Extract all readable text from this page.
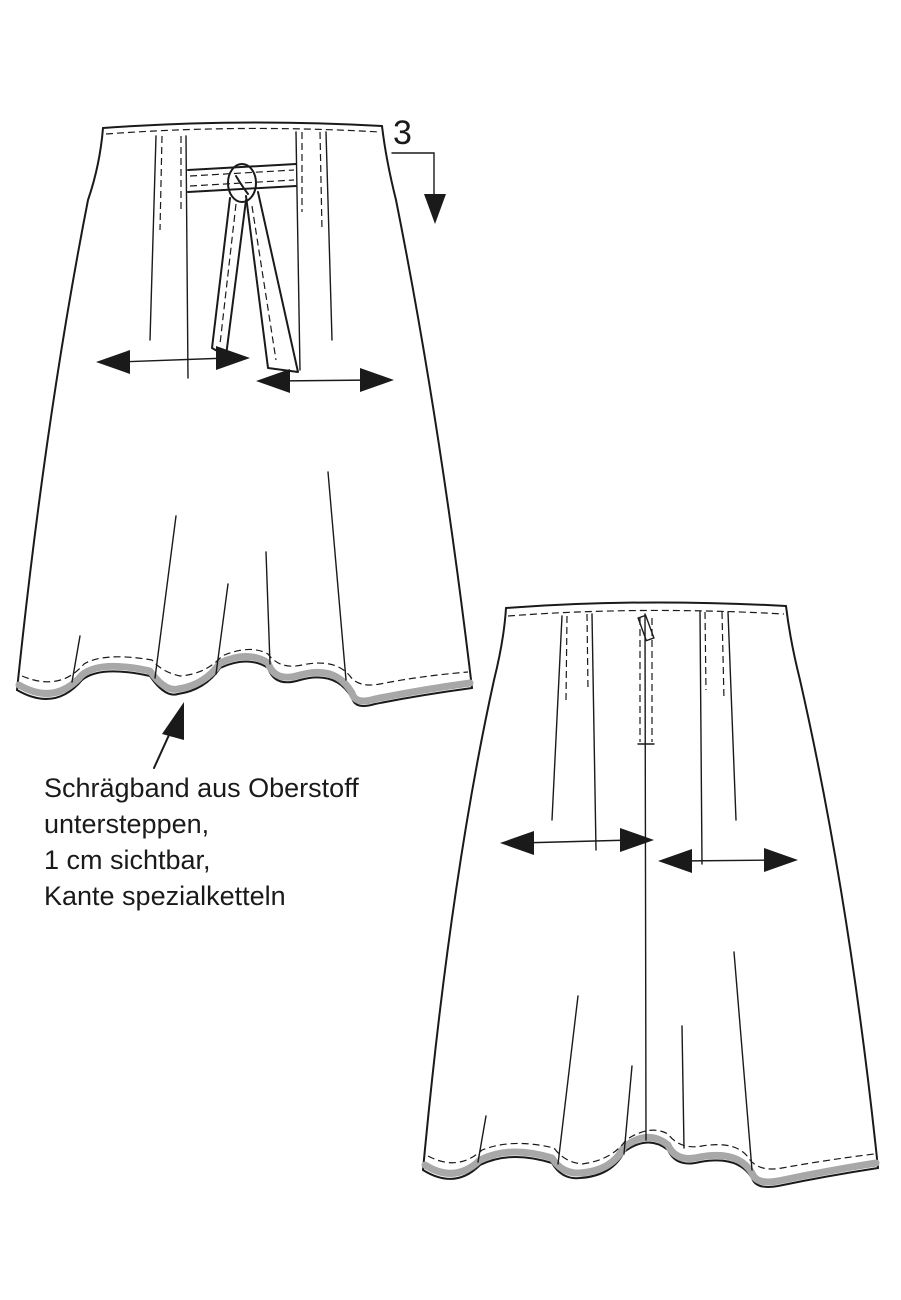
3
Schrägband aus Oberstoff
untersteppen,
1 cm sichtbar,
Kante spezialketteln
